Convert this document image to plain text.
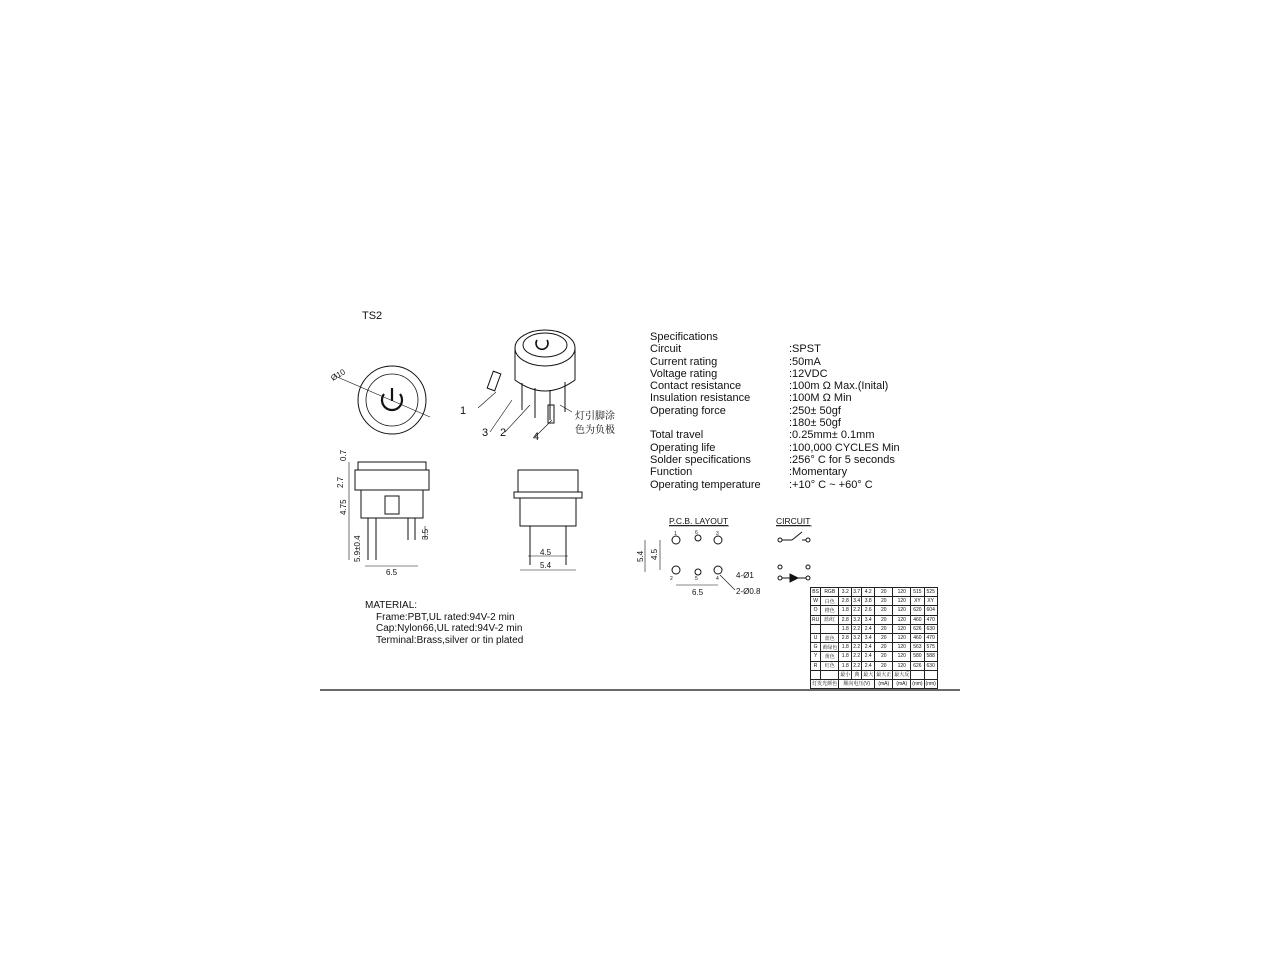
Ø10
0.7
2.7
4.75
5.9±0.4
3.5
6.5
4.5
5.4
6.5
5.4 4.5
4-Ø1
2-Ø0.8
1
2
3	4
1	6	3
2	5	4
P.C.B. LAYOUT	CIRCUIT
TS2
灯引脚涂
色为负极
Specifications
Circuit	:SPST
Current rating	:50mA
Voltage rating	:12VDC
Contact resistance	:100m Ω Max.(Inital)
Insulation resistance	:100M Ω Min
Operating force	:250± 50gf
:180± 50gf
Total travel	:0.25mm± 0.1mm
Operating life	:100,000 CYCLES Min
Solder specifications	:256° C for 5 seconds
Function	:Momentary
Operating temperature	:+10° C ~ +60° C
MATERIAL:
Frame:PBT,UL rated:94V-2 min
Cap:Nylon66,UL rated:94V-2 min
Terminal:Brass,silver or tin plated
BS	RGB	3.2	3.7	4.2	20	120	515	525
W	白色	2.8	3.4	3.8	20	120	XY	XY
O	橙色	1.8	2.2	2.6	20	120	620	604
RU	蓝/红	2.8	3.2	3.4	20	120	460	470
		1.8	2.2	2.4	20	120	626	630
U	蓝色	2.8	3.2	3.4	20	120	460	470
G	黄绿色	1.8	2.2	2.4	20	120	563	575
Y	黄色	1.8	2.2	2.4	20	120	580	588
R	红色	1.8	2.2	2.4	20	120	626	630
		最小	典	最大	最大正	最大反		
灯发光颜色		顺向电压(V)			(mA)	(mA)	(nm)	(nm)
